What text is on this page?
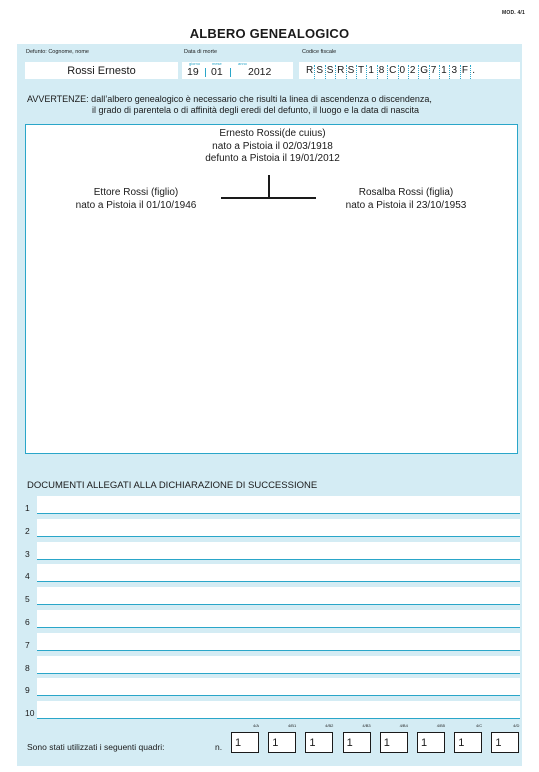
MOD. 4/1
ALBERO GENEALOGICO
Defunto: Cognome, nome
Rossi Ernesto
Data di morte
giorno	mese	anno
19 01 2012
Codice fiscale
R S S R S T 1 8 C 0 2 G 7 1 3 F .
AVVERTENZE: dall’albero genealogico è necessario che risulti la linea di ascendenza o discendenza,
il grado di parentela o di affinità degli eredi del defunto, il luogo e la data di nascita
Ernesto Rossi(de cuius)
nato a Pistoia il 02/03/1918
defunto a Pistoia il 19/01/2012
Ettore Rossi (figlio)
nato a Pistoia il 01/10/1946
Rosalba Rossi (figlia)
nato a Pistoia il 23/10/1953
DOCUMENTI ALLEGATI ALLA DICHIARAZIONE DI SUCCESSIONE
1
2
3
4
5
6
7
8
9
10
Sono stati utilizzati i seguenti quadri:	n.
4/A
1
4/B1
1
4/B2
1
4/B3
1
4/B4
1
4/B5
1
4/C
1
4/D
1
